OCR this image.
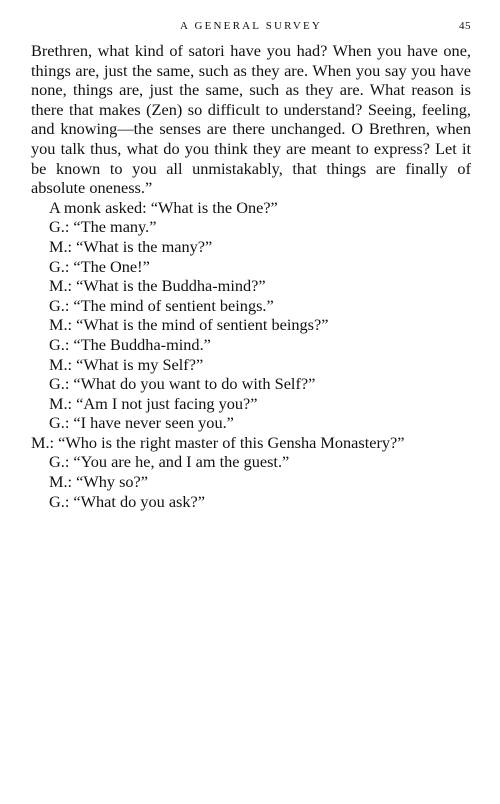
A GENERAL SURVEY	45

Brethren, what kind of satori have you had? When you have one, things are, just the same, such as they are. When you say you have none, things are, just the same, such as they are. What reason is there that makes (Zen) so difficult to understand? Seeing, feeling, and knowing—the senses are there unchanged. O Brethren, when you talk thus, what do you think they are meant to express? Let it be known to you all unmistakably, that things are finally of absolute oneness.”

A monk asked: “What is the One?”

G.: “The many.”

M.: “What is the many?”

G.: “The One!”

M.: “What is the Buddha-mind?”

G.: “The mind of sentient beings.”

M.: “What is the mind of sentient beings?”

G.: “The Buddha-mind.”

M.: “What is my Self?”

G.: “What do you want to do with Self?”

M.: “Am I not just facing you?”

G.: “I have never seen you.”

M.: “Who is the right master of this Gensha Monastery?”

G.: “You are he, and I am the guest.”

M.: “Why so?”

G.: “What do you ask?”
